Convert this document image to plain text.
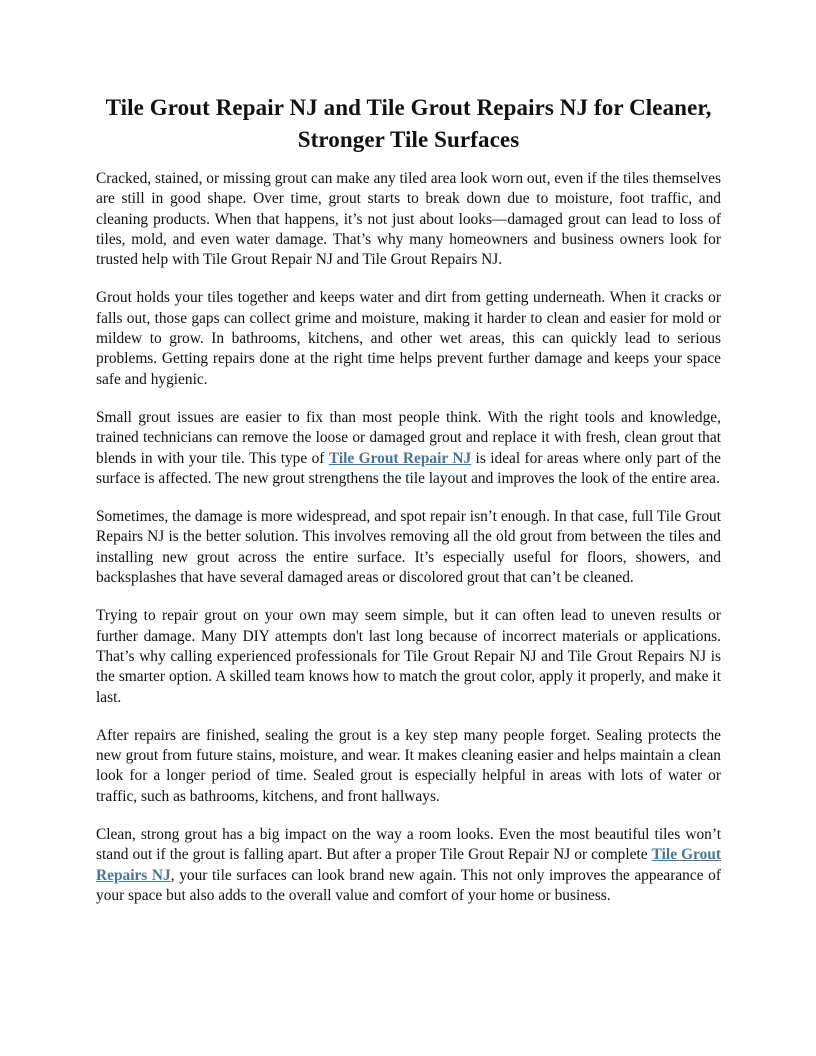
Tile Grout Repair NJ and Tile Grout Repairs NJ for Cleaner, Stronger Tile Surfaces

Cracked, stained, or missing grout can make any tiled area look worn out, even if the tiles themselves are still in good shape. Over time, grout starts to break down due to moisture, foot traffic, and cleaning products. When that happens, it’s not just about looks—damaged grout can lead to loss of tiles, mold, and even water damage. That’s why many homeowners and business owners look for trusted help with Tile Grout Repair NJ and Tile Grout Repairs NJ.

Grout holds your tiles together and keeps water and dirt from getting underneath. When it cracks or falls out, those gaps can collect grime and moisture, making it harder to clean and easier for mold or mildew to grow. In bathrooms, kitchens, and other wet areas, this can quickly lead to serious problems. Getting repairs done at the right time helps prevent further damage and keeps your space safe and hygienic.

Small grout issues are easier to fix than most people think. With the right tools and knowledge, trained technicians can remove the loose or damaged grout and replace it with fresh, clean grout that blends in with your tile. This type of Tile Grout Repair NJ is ideal for areas where only part of the surface is affected. The new grout strengthens the tile layout and improves the look of the entire area.

Sometimes, the damage is more widespread, and spot repair isn’t enough. In that case, full Tile Grout Repairs NJ is the better solution. This involves removing all the old grout from between the tiles and installing new grout across the entire surface. It’s especially useful for floors, showers, and backsplashes that have several damaged areas or discolored grout that can’t be cleaned.

Trying to repair grout on your own may seem simple, but it can often lead to uneven results or further damage. Many DIY attempts don't last long because of incorrect materials or applications. That’s why calling experienced professionals for Tile Grout Repair NJ and Tile Grout Repairs NJ is the smarter option. A skilled team knows how to match the grout color, apply it properly, and make it last.

After repairs are finished, sealing the grout is a key step many people forget. Sealing protects the new grout from future stains, moisture, and wear. It makes cleaning easier and helps maintain a clean look for a longer period of time. Sealed grout is especially helpful in areas with lots of water or traffic, such as bathrooms, kitchens, and front hallways.

Clean, strong grout has a big impact on the way a room looks. Even the most beautiful tiles won’t stand out if the grout is falling apart. But after a proper Tile Grout Repair NJ or complete Tile Grout Repairs NJ, your tile surfaces can look brand new again. This not only improves the appearance of your space but also adds to the overall value and comfort of your home or business.
